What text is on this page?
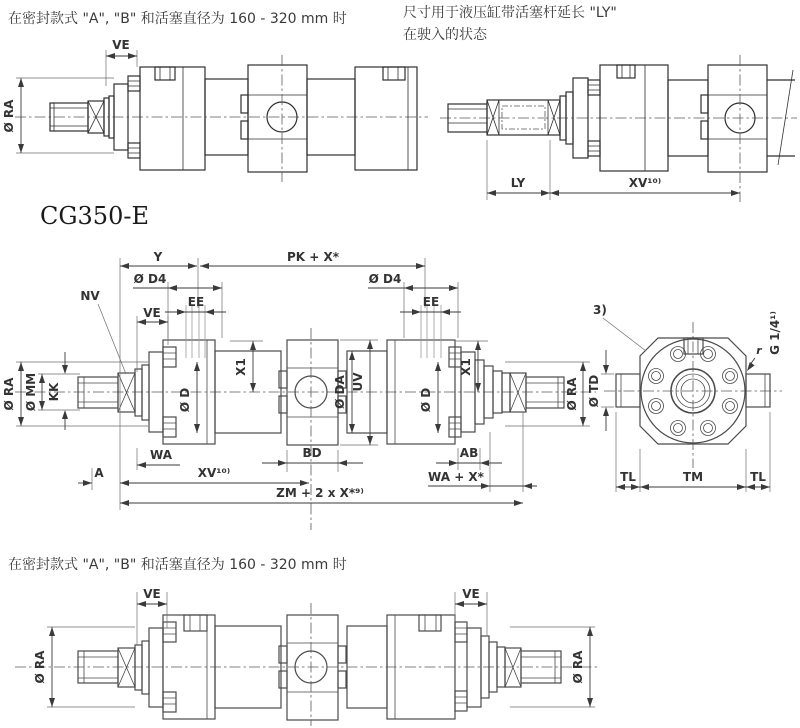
在密封款式 "A", "B" 和活塞直径为 160 - 320 mm 时	尺寸用于液压缸带活塞杆延长 "LY"
在驶入的状态
CG350-E
在密封款式 "A", "B" 和活塞直径为 160 - 320 mm 时
VE
Ø RA
LY	XV¹⁰⁾
Y	PK + X*
Ø D4	Ø D4
EE	EE
VE
NV
Ø RA Ø MM KK	Ø D
X1
Ø DA UV
X1
Ø D	Ø RA
WA
A	XV¹⁰⁾
BD	AB
WA + X*
ZM + 2 x X*⁹⁾
Ø TD
3)
G 1/4¹⁾
r
TL	TM	TL
VE	VE
Ø RA	Ø RA
